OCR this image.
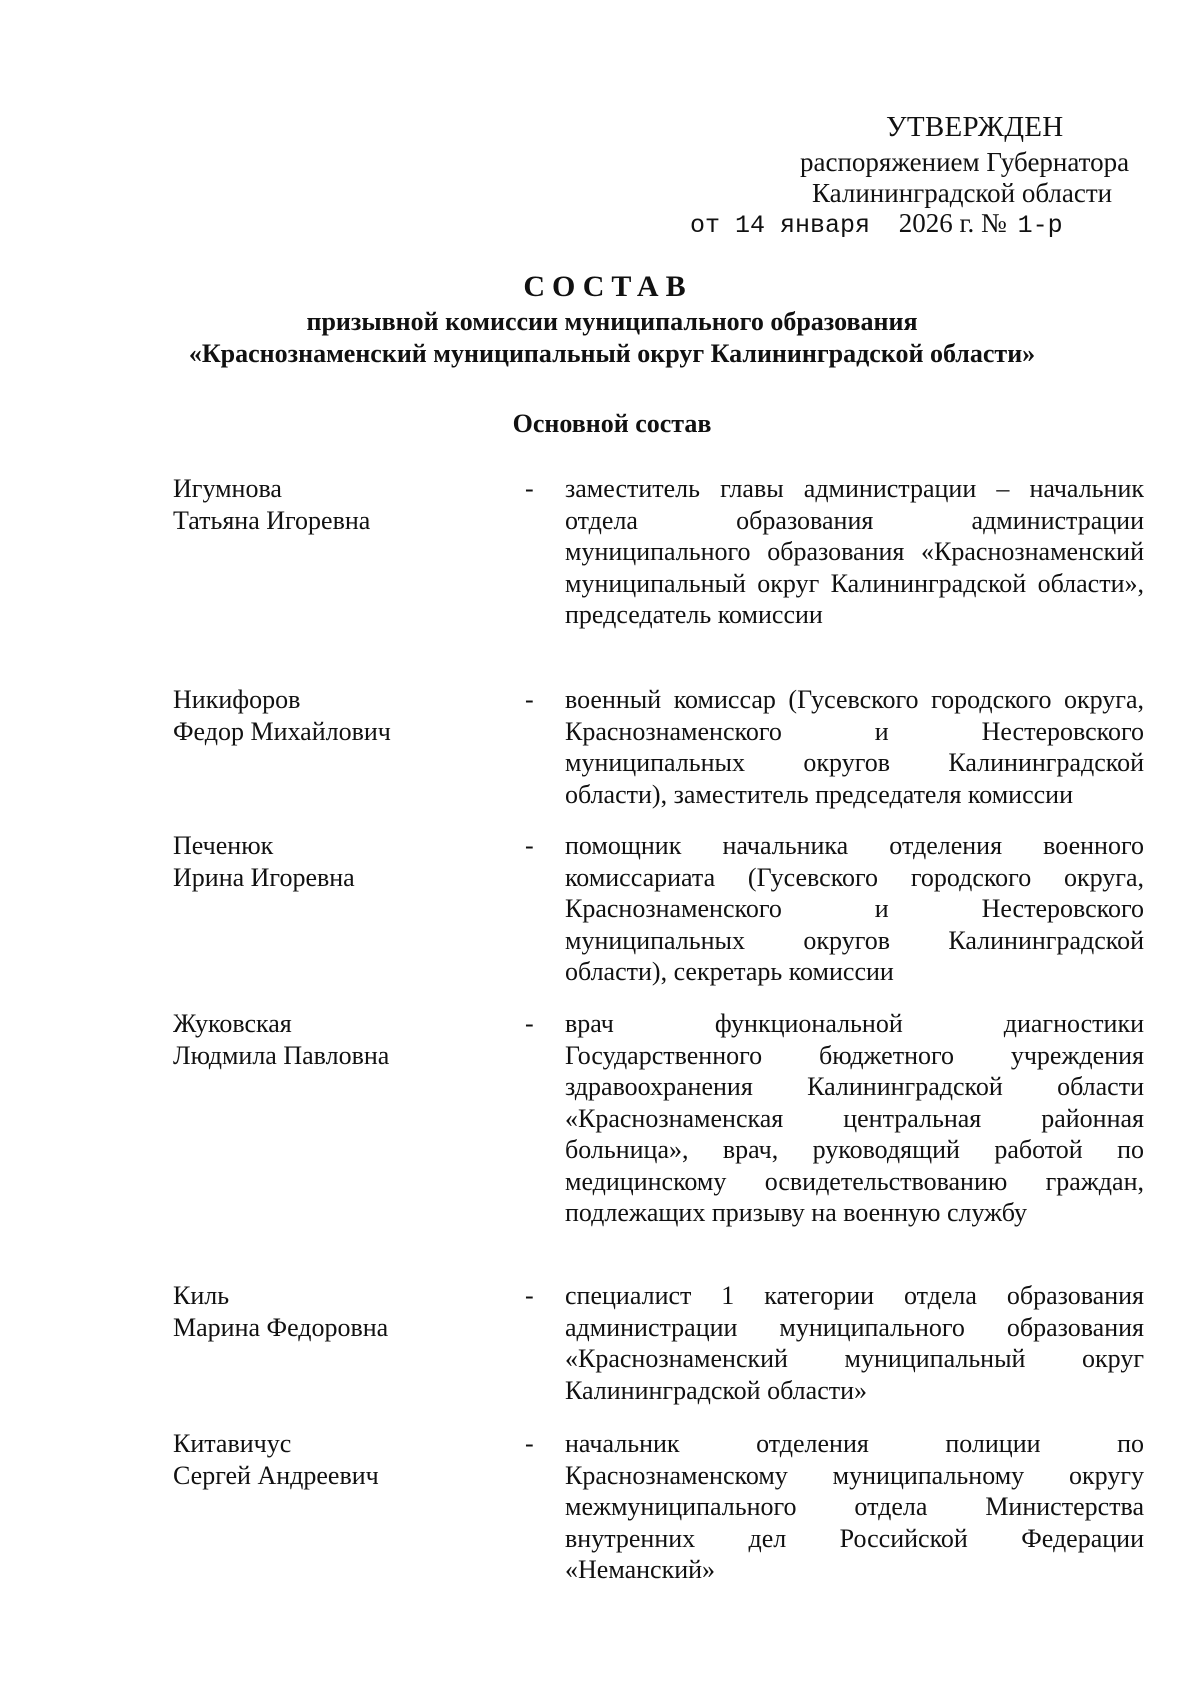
УТВЕРЖДЕН
распоряжением Губернатора
Калининградской области
от 14 января 2026 г. № 1-р
СОСТАВ
призывной комиссии муниципального образования
«Краснознаменский муниципальный округ Калининградской области»
Основной состав
Игумнова
Татьяна Игоревна
- заместитель главы администрации – начальник отдела образования администрации муниципального образования «Краснознаменский муниципальный округ Калининградской области», председатель комиссии
Никифоров
Федор Михайлович
- военный комиссар (Гусевского городского округа, Краснознаменского и Нестеровского муниципальных округов Калининградской области), заместитель председателя комиссии
Печенюк
Ирина Игоревна
- помощник начальника отделения военного комиссариата (Гусевского городского округа, Краснознаменского и Нестеровского муниципальных округов Калининградской области), секретарь комиссии
Жуковская
Людмила Павловна
- врач функциональной диагностики Государственного бюджетного учреждения здравоохранения Калининградской области «Краснознаменская центральная районная больница», врач, руководящий работой по медицинскому освидетельствованию граждан, подлежащих призыву на военную службу
Киль
Марина Федоровна
- специалист 1 категории отдела образования администрации муниципального образования «Краснознаменский муниципальный округ Калининградской области»
Китавичус
Сергей Андреевич
- начальник отделения полиции по Краснознаменскому муниципальному округу межмуниципального отдела Министерства внутренних дел Российской Федерации «Неманский»
